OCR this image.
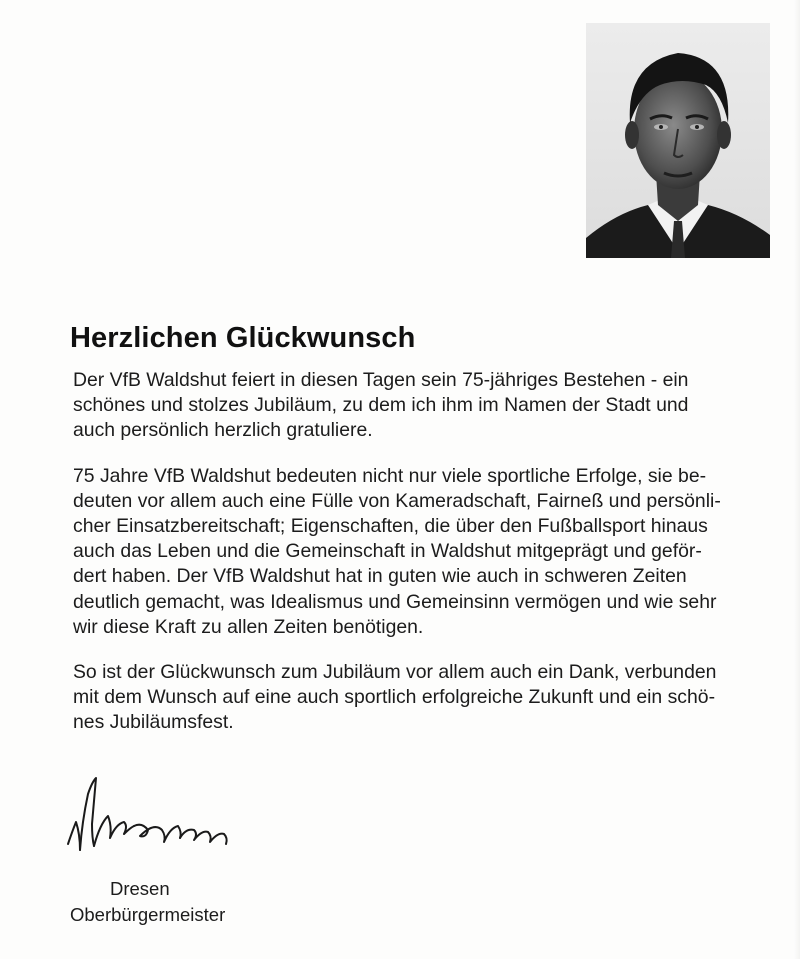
Herzlichen Glückwunsch

Der VfB Waldshut feiert in diesen Tagen sein 75-jähriges Bestehen - ein
schönes und stolzes Jubiläum, zu dem ich ihm im Namen der Stadt und
auch persönlich herzlich gratuliere.

75 Jahre VfB Waldshut bedeuten nicht nur viele sportliche Erfolge, sie be-
deuten vor allem auch eine Fülle von Kameradschaft, Fairneß und persönli-
cher Einsatzbereitschaft; Eigenschaften, die über den Fußballsport hinaus
auch das Leben und die Gemeinschaft in Waldshut mitgeprägt und geför-
dert haben. Der VfB Waldshut hat in guten wie auch in schweren Zeiten
deutlich gemacht, was Idealismus und Gemeinsinn vermögen und wie sehr
wir diese Kraft zu allen Zeiten benötigen.

So ist der Glückwunsch zum Jubiläum vor allem auch ein Dank, verbunden
mit dem Wunsch auf eine auch sportlich erfolgreiche Zukunft und ein schö-
nes Jubiläumsfest.

Dresen
Oberbürgermeister
